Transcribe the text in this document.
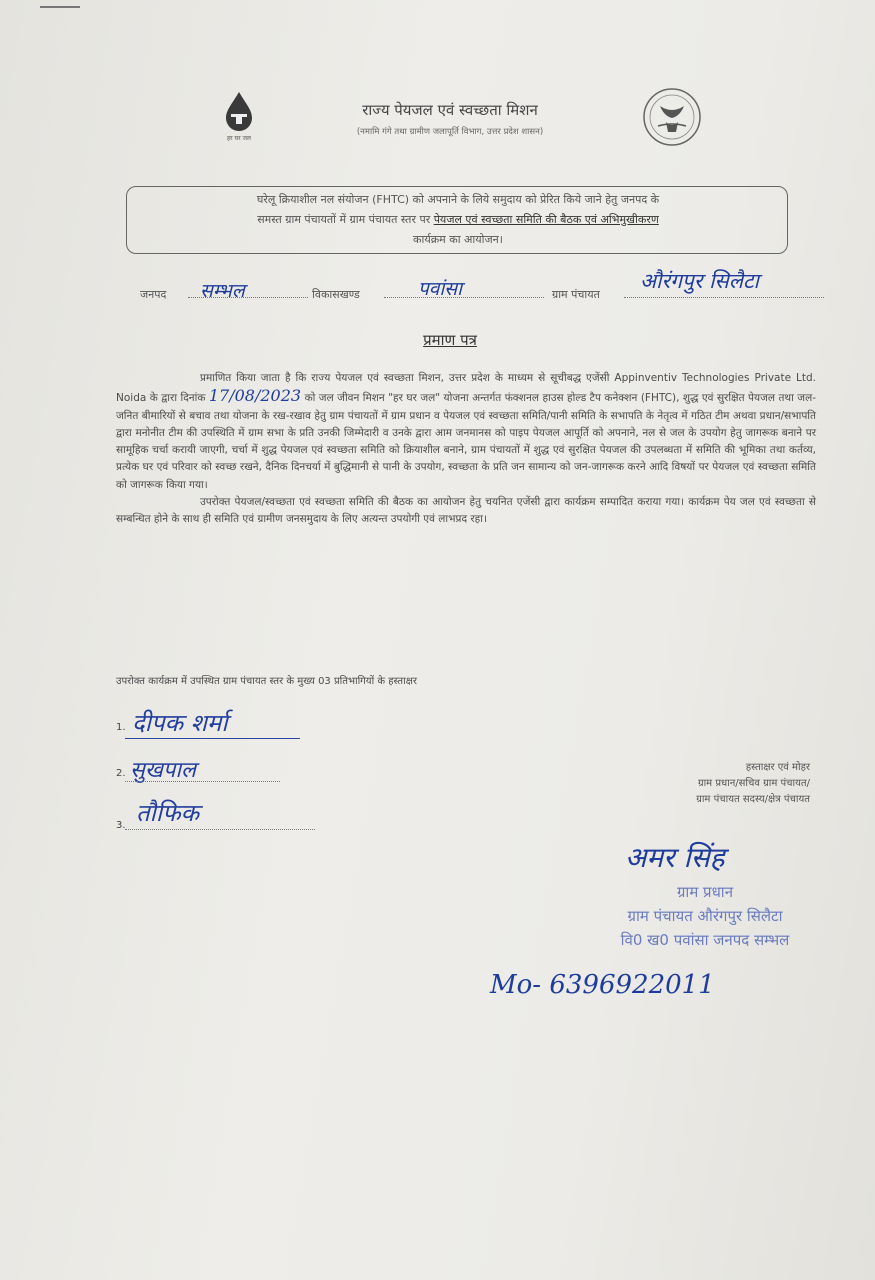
हर घर जल
राज्य पेयजल एवं स्वच्छता मिशन
(नमामि गंगे तथा ग्रामीण जलापूर्ति विभाग, उत्तर प्रदेश शासन)
घरेलू क्रियाशील नल संयोजन (FHTC) को अपनाने के लिये समुदाय को प्रेरित किये जाने हेतु जनपद के
समस्त ग्राम पंचायतों में ग्राम पंचायत स्तर पर पेयजल एवं स्वच्छता समिति की बैठक एवं अभिमुखीकरण
कार्यक्रम का आयोजन।
जनपद सम्भल	विकासखण्ड	पवांसा	ग्राम पंचायत
औरंगपुर सिलैटा
प्रमाण पत्र

प्रमाणित किया जाता है कि राज्य पेयजल एवं स्वच्छता मिशन, उत्तर प्रदेश के माध्यम से सूचीबद्ध एजेंसी Appinventiv Technologies Private Ltd. Noida के द्वारा दिनांक 17/08/2023 को जल जीवन मिशन "हर घर जल" योजना अन्तर्गत फंक्शनल हाउस होल्ड टैप कनेक्शन (FHTC), शुद्ध एवं सुरक्षित पेयजल तथा जल-जनित बीमारियों से बचाव तथा योजना के रख-रखाव हेतु ग्राम पंचायतों में ग्राम प्रधान व पेयजल एवं स्वच्छता समिति/पानी समिति के सभापति के नेतृत्व में गठित टीम अथवा प्रधान/सभापति द्वारा मनोनीत टीम की उपस्थिति में ग्राम सभा के प्रति उनकी जिम्मेदारी व उनके द्वारा आम जनमानस को पाइप पेयजल आपूर्ति को अपनाने, नल से जल के उपयोग हेतु जागरूक बनाने पर सामूहिक चर्चा करायी जाएगी, चर्चा में शुद्ध पेयजल एवं स्वच्छता समिति को क्रियाशील बनाने, ग्राम पंचायतों में शुद्ध एवं सुरक्षित पेयजल की उपलब्धता में समिति की भूमिका तथा कर्तव्य, प्रत्येक घर एवं परिवार को स्वच्छ रखने, दैनिक दिनचर्या में बुद्धिमानी से पानी के उपयोग, स्वच्छता के प्रति जन सामान्य को जन-जागरूक करने आदि विषयों पर पेयजल एवं स्वच्छता समिति को जागरूक किया गया।

उपरोक्त पेयजल/स्वच्छता एवं स्वच्छता समिति की बैठक का आयोजन हेतु चयनित एजेंसी द्वारा कार्यक्रम सम्पादित कराया गया। कार्यक्रम पेय जल एवं स्वच्छता से सम्बन्धित होने के साथ ही समिति एवं ग्रामीण जनसमुदाय के लिए अत्यन्त उपयोगी एवं लाभप्रद रहा।

उपरोक्त कार्यक्रम में उपस्थित ग्राम पंचायत स्तर के मुख्य 03 प्रतिभागियों के हस्ताक्षर
1. दीपक शर्मा
2. सुखपाल
3. तौफिक
हस्ताक्षर एवं मोहर
ग्राम प्रधान/सचिव ग्राम पंचायत/
ग्राम पंचायत सदस्य/क्षेत्र पंचायत
अमर सिंह
ग्राम प्रधान
ग्राम पंचायत औरंगपुर सिलैटा
वि0 ख0 पवांसा जनपद सम्भल
Mo- 6396922011
